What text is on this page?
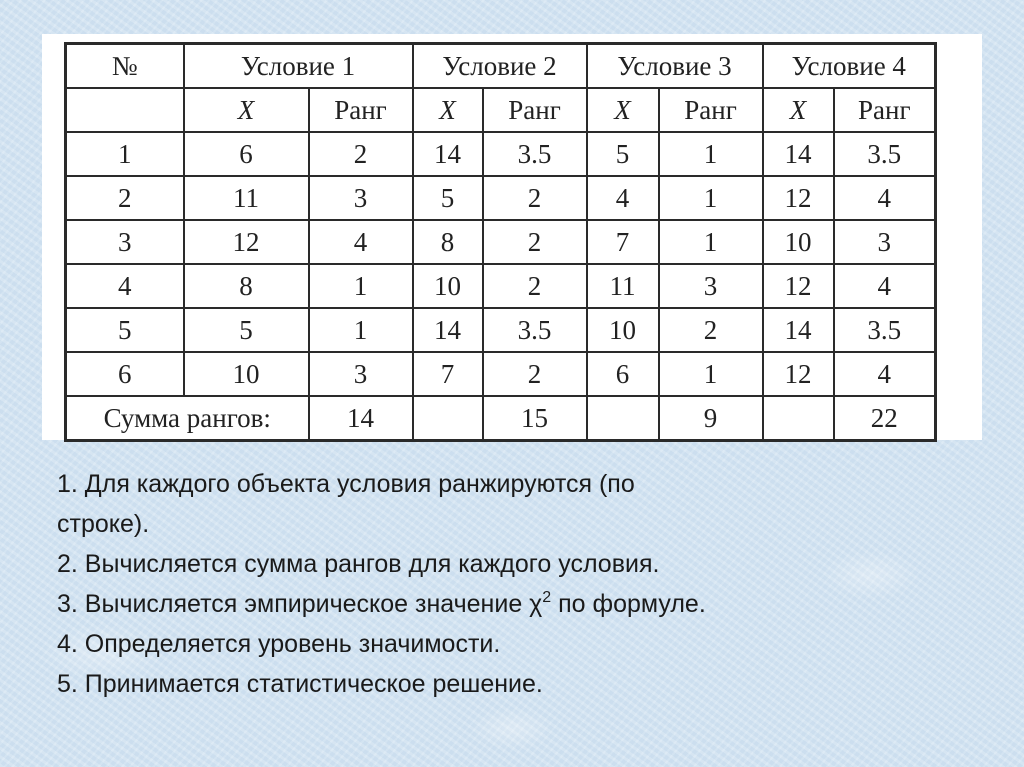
№	Условие 1		Условие 2		Условие 3		Условие 4	
	X	Ранг	X	Ранг	X	Ранг	X	Ранг
1	6	2	14	3.5	5	1	14	3.5
2	11	3	5	2	4	1	12	4
3	12	4	8	2	7	1	10	3
4	8	1	10	2	11	3	12	4
5	5	1	14	3.5	10	2	14	3.5
6	10	3	7	2	6	1	12	4
Сумма рангов:		14		15		9		22
1. Для каждого объекта условия ранжируются (по
строке).
2. Вычисляется сумма рангов для каждого условия.
3. Вычисляется эмпирическое значение $\chi^2$ по формуле.
4. Определяется уровень значимости.
5. Принимается статистическое решение.
